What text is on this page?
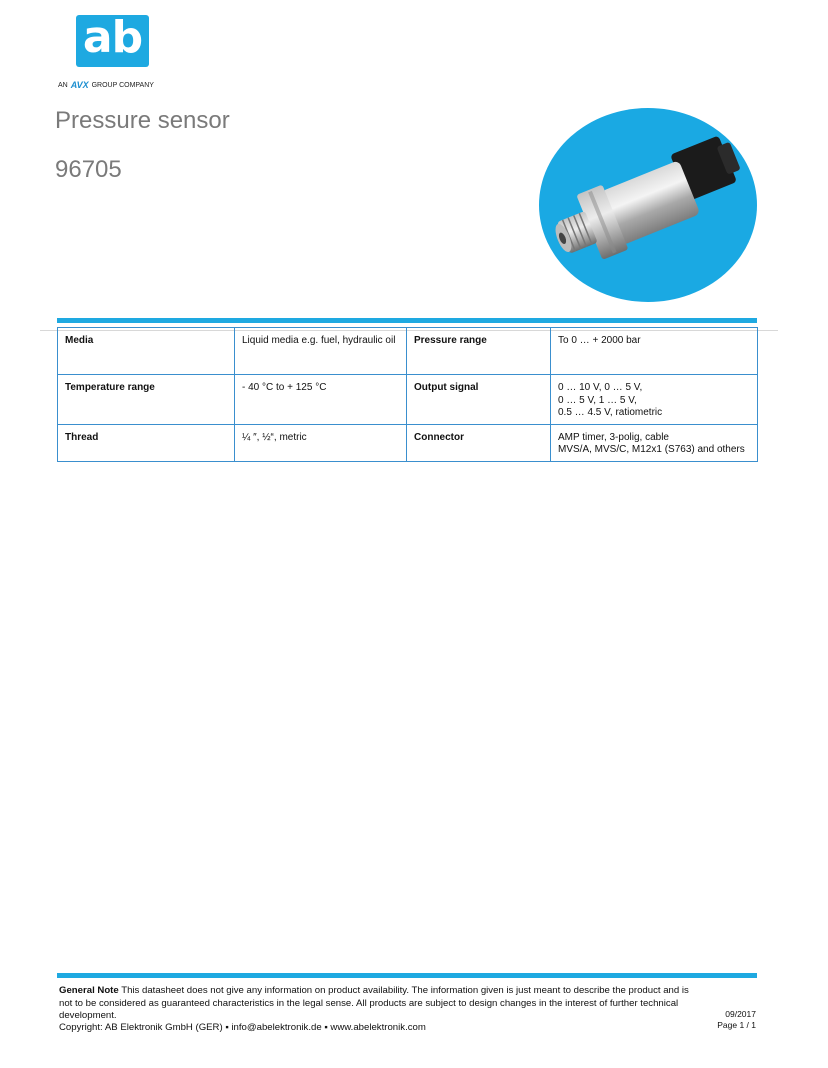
ab
AN AVX GROUP COMPANY
Pressure sensor
96705
Media	Liquid media e.g. fuel, hydraulic oil	Pressure range	To 0 … + 2000 bar
Temperature range	- 40 °C to + 125 °C	Output signal	0 … 10 V, 0 … 5 V,
0 … 5 V, 1 … 5 V,
0.5 … 4.5 V, ratiometric
Thread	¼ ″, ½“, metric	Connector	AMP timer, 3-polig, cable
MVS/A, MVS/C, M12x1 (S763) and others
General Note This datasheet does not give any information on product availability. The information given is just meant to describe the product and is not to be considered as guaranteed characteristics in the legal sense. All products are subject to design changes in the interest of further technical development.
Copyright: AB Elektronik GmbH (GER) ▪ info@abelektronik.de ▪ www.abelektronik.com
09/2017
Page 1 / 1
